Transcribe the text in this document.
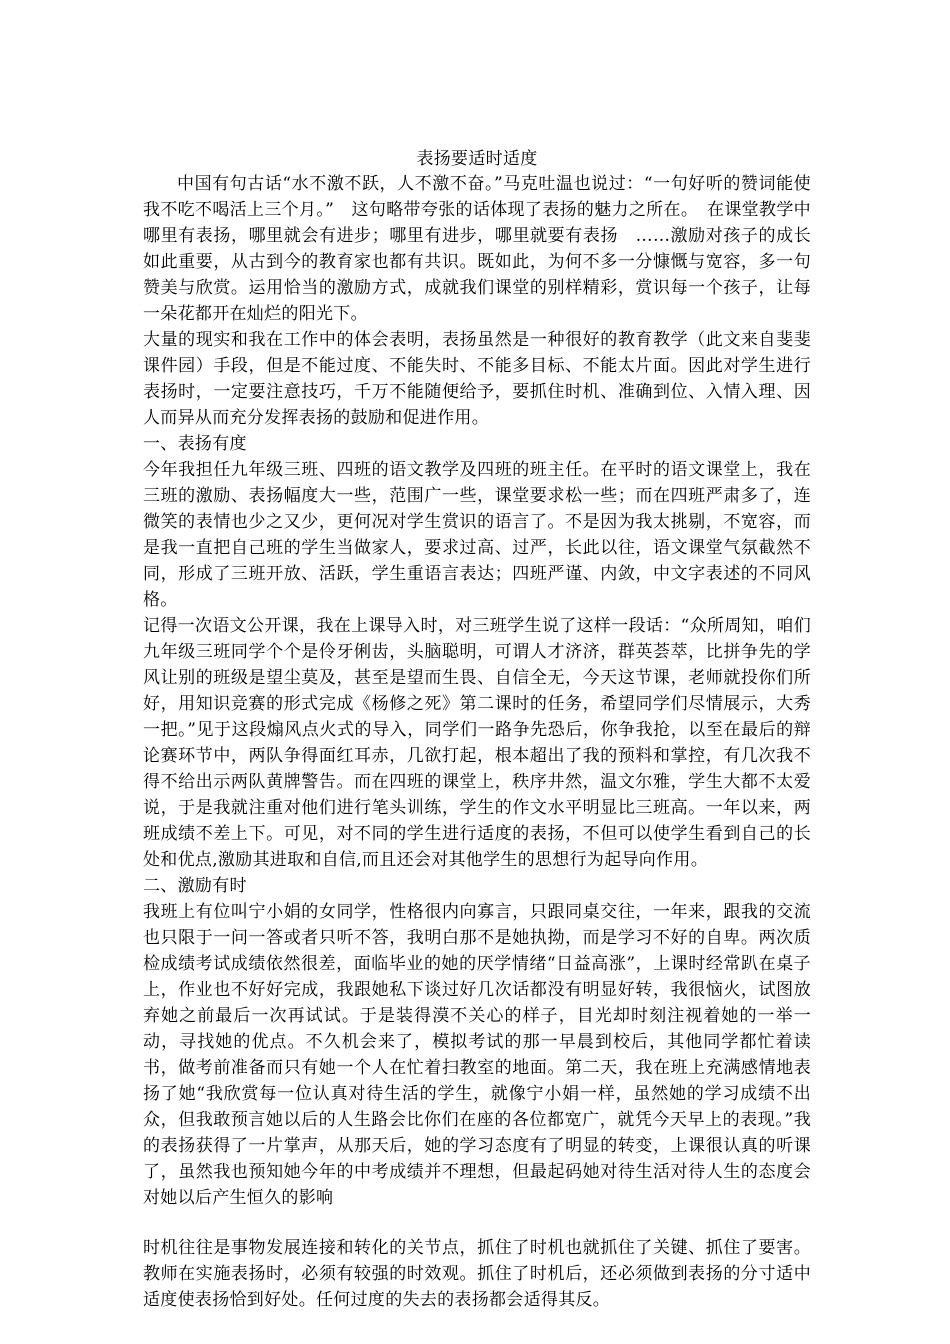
表扬要适时适度

中国有句古话“水不激不跃，人不激不奋。”马克吐温也说过：“一句好听的赞词能使我不吃不喝活上三个月。”　这句略带夸张的话体现了表扬的魅力之所在。　在课堂教学中哪里有表扬，哪里就会有进步；哪里有进步，哪里就要有表扬　……激励对孩子的成长如此重要，从古到今的教育家也都有共识。既如此，为何不多一分慷慨与宽容，多一句赞美与欣赏。运用恰当的激励方式，成就我们课堂的别样精彩，赏识每一个孩子，让每一朵花都开在灿烂的阳光下。

大量的现实和我在工作中的体会表明，表扬虽然是一种很好的教育教学（此文来自斐斐课件园）手段，但是不能过度、不能失时、不能多目标、不能太片面。因此对学生进行表扬时，一定要注意技巧，千万不能随便给予，要抓住时机、准确到位、入情入理、因人而异从而充分发挥表扬的鼓励和促进作用。

一、表扬有度

今年我担任九年级三班、四班的语文教学及四班的班主任。在平时的语文课堂上，我在三班的激励、表扬幅度大一些，范围广一些，课堂要求松一些；而在四班严肃多了，连微笑的表情也少之又少，更何况对学生赏识的语言了。不是因为我太挑剔，不宽容，而是我一直把自己班的学生当做家人，要求过高、过严，长此以往，语文课堂气氛截然不同，形成了三班开放、活跃，学生重语言表达；四班严谨、内敛，中文字表述的不同风格。

记得一次语文公开课，我在上课导入时，对三班学生说了这样一段话：“众所周知，咱们九年级三班同学个个是伶牙俐齿，头脑聪明，可谓人才济济，群英荟萃，比拼争先的学风让别的班级是望尘莫及，甚至是望而生畏、自信全无，今天这节课，老师就投你们所好，用知识竞赛的形式完成《杨修之死》第二课时的任务，希望同学们尽情展示，大秀一把。”见于这段煽风点火式的导入，同学们一路争先恐后，你争我抢，以至在最后的辩论赛环节中，两队争得面红耳赤，几欲打起，根本超出了我的预料和掌控，有几次我不得不给出示两队黄牌警告。而在四班的课堂上，秩序井然，温文尔雅，学生大都不太爱说，于是我就注重对他们进行笔头训练，学生的作文水平明显比三班高。一年以来，两班成绩不差上下。可见，对不同的学生进行适度的表扬，不但可以使学生看到自己的长处和优点,激励其进取和自信,而且还会对其他学生的思想行为起导向作用。

二、激励有时

我班上有位叫宁小娟的女同学，性格很内向寡言，只跟同桌交往，一年来，跟我的交流也只限于一问一答或者只听不答，我明白那不是她执拗，而是学习不好的自卑。两次质检成绩考试成绩依然很差，面临毕业的她的厌学情绪“日益高涨”，上课时经常趴在桌子上，作业也不好好完成，我跟她私下谈过好几次话都没有明显好转，我很恼火，试图放弃她之前最后一次再试试。于是装得漠不关心的样子，目光却时刻注视着她的一举一动，寻找她的优点。不久机会来了，模拟考试的那一早晨到校后，其他同学都忙着读书，做考前准备而只有她一个人在忙着扫教室的地面。第二天，我在班上充满感情地表扬了她“我欣赏每一位认真对待生活的学生，就像宁小娟一样，虽然她的学习成绩不出众，但我敢预言她以后的人生路会比你们在座的各位都宽广，就凭今天早上的表现。”我的表扬获得了一片掌声，从那天后，她的学习态度有了明显的转变，上课很认真的听课了，虽然我也预知她今年的中考成绩并不理想，但最起码她对待生活对待人生的态度会对她以后产生恒久的影响

时机往往是事物发展连接和转化的关节点，抓住了时机也就抓住了关键、抓住了要害。教师在实施表扬时，必须有较强的时效观。抓住了时机后，还必须做到表扬的分寸适中适度使表扬恰到好处。任何过度的失去的表扬都会适得其反。
